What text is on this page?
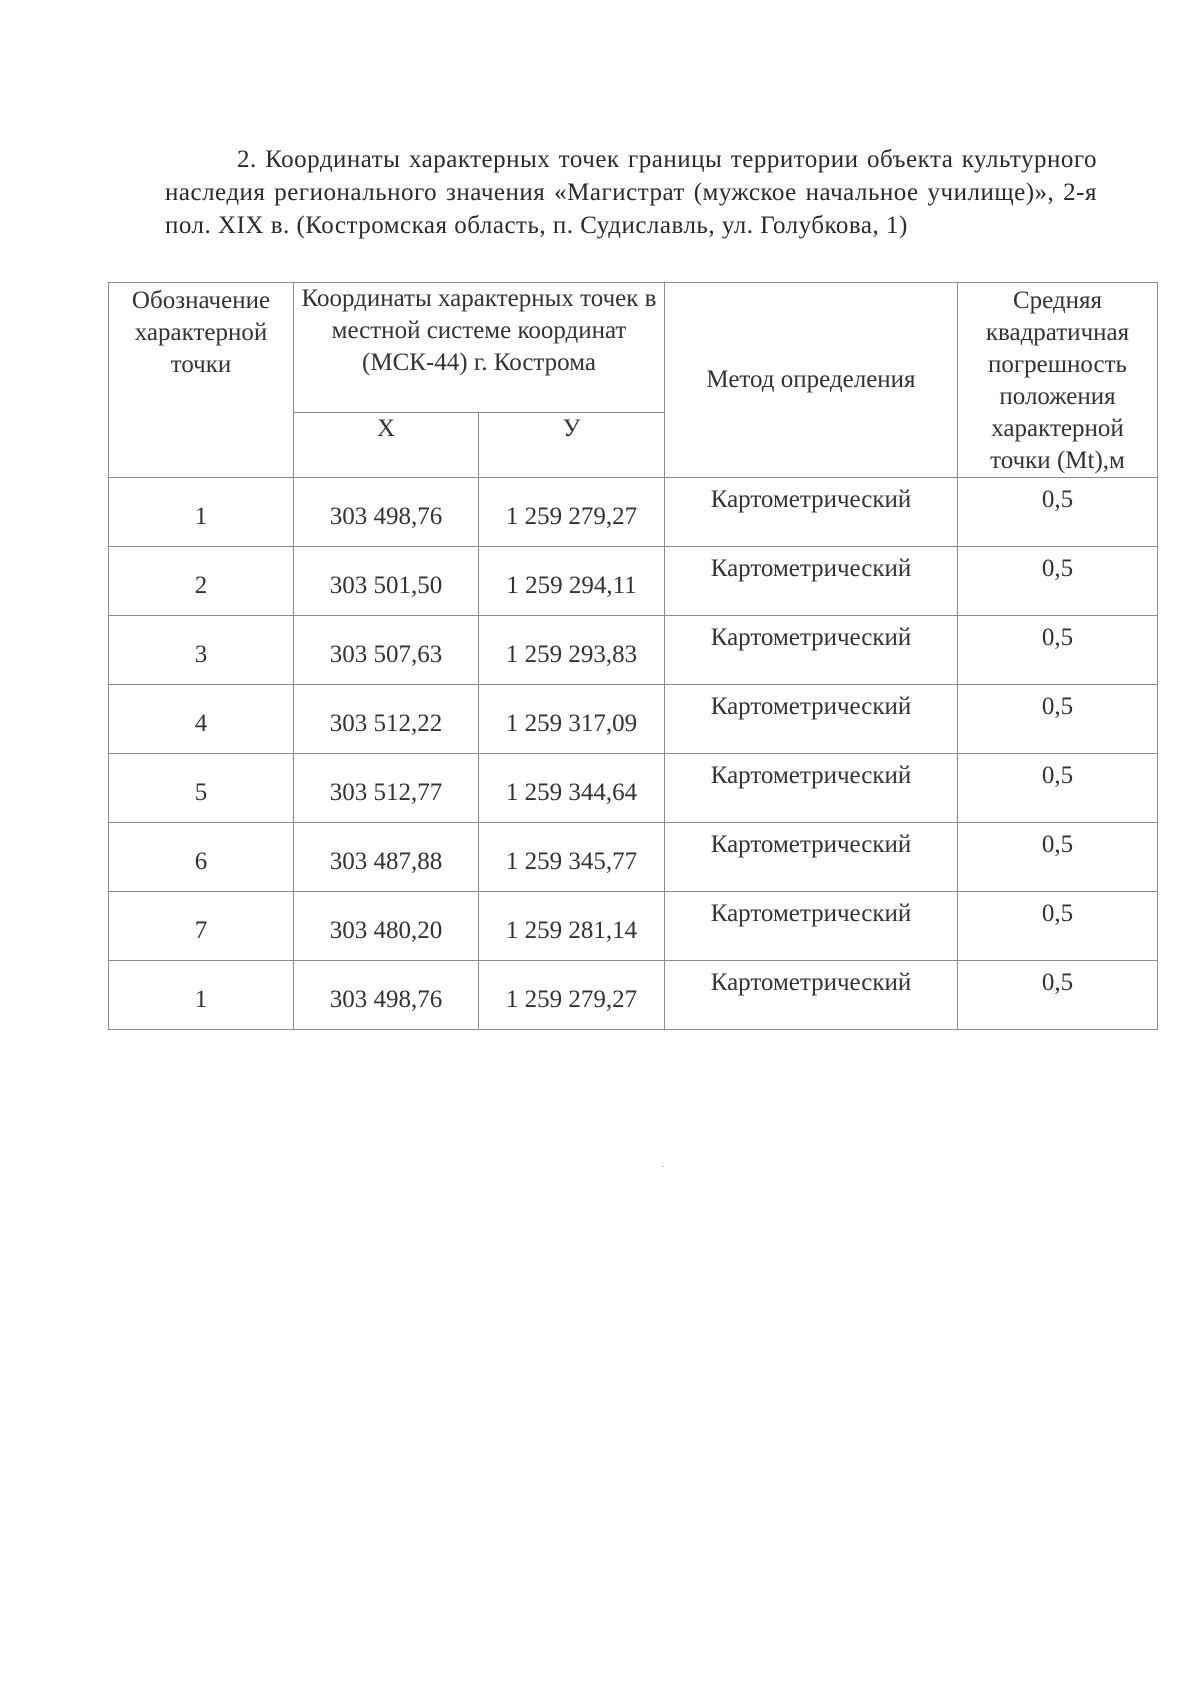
2. Координаты характерных точек границы территории объекта культурного наследия регионального значения «Магистрат (мужское начальное училище)», 2-я пол. XIX в. (Костромская область, п. Судиславль, ул. Голубкова, 1)

Обозначение характерной точки	Координаты характерных точек в местной системе координат (МСК-44) г. Кострома		Метод определения	Средняя квадратичная погрешность положения характерной точки (Mt),м
	X	У		
1	303 498,76	1 259 279,27	Картометрический	0,5
2	303 501,50	1 259 294,11	Картометрический	0,5
3	303 507,63	1 259 293,83	Картометрический	0,5
4	303 512,22	1 259 317,09	Картометрический	0,5
5	303 512,77	1 259 344,64	Картометрический	0,5
6	303 487,88	1 259 345,77	Картометрический	0,5
7	303 480,20	1 259 281,14	Картометрический	0,5
1	303 498,76	1 259 279,27	Картометрический	0,5
